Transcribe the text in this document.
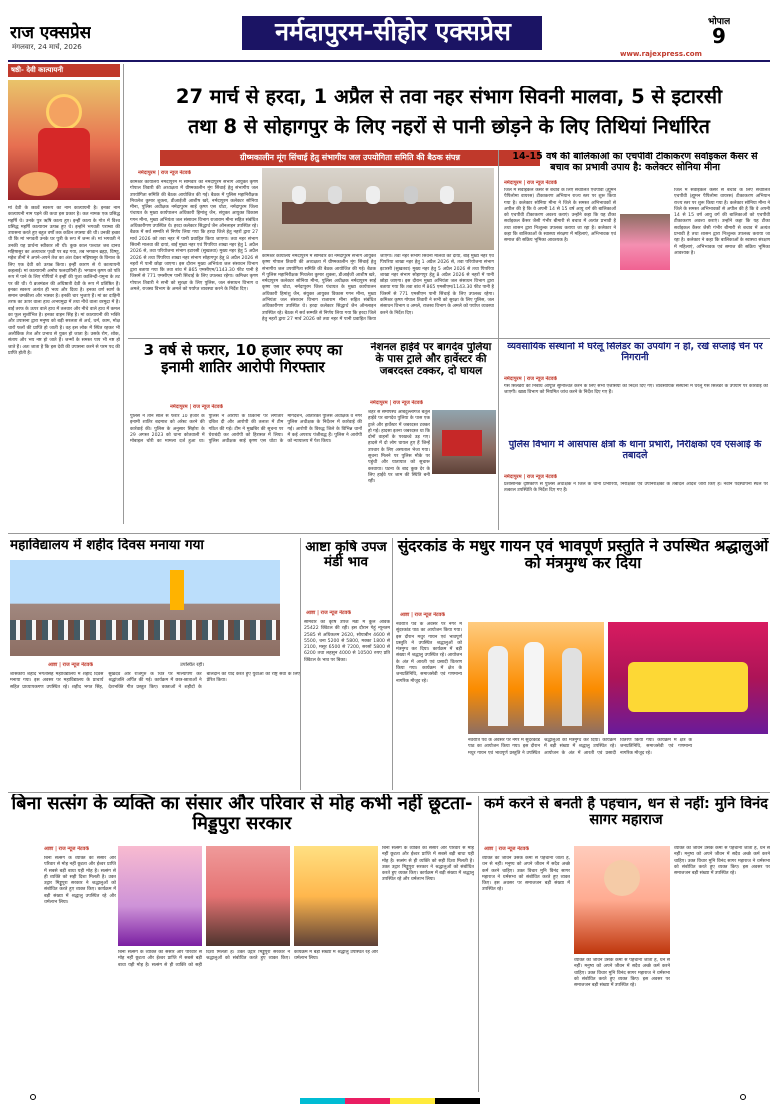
राज एक्सप्रेस
मंगलवार, 24 मार्च, 2026
नर्मदापुरम-सीहोर एक्सप्रेस	भोपाल
9
www.rajexpress.com
षष्ठी- देवी कात्यायनी
मां देवी के छठवें स्वरूप का नाम कात्यायनी है। इनका नाम कात्यायनी नाम पड़ने की कथा इस प्रकार है। कत नामक एक प्रसिद्ध महर्षि थे। उनके पुत्र ऋषि कात्य हुए। इन्हीं कात्य के गोत्र में विश्व प्रसिद्ध महर्षि कात्यायन उत्पन्न हुए थे। इन्होंने भगवती पराम्बा की उपासना करते हुए बहुत वर्षों तक कठिन तपस्या की थी। उनकी इच्छा थी कि मां भगवती उनके घर पुत्री के रूप में जन्म लें। मां भगवती ने उनकी यह प्रार्थना स्वीकार ली थी। कुछ काल पश्चात जब दानव महिषासुर का अत्याचार पृथ्वी पर बढ़ गया, तब भगवान ब्रह्मा, विष्णु, महेश तीनों ने अपने-अपने तेज का अंश देकर महिषासुर के विनाश के लिए एक देवी को उत्पन्न किया। इन्हीं कारण से ये कात्यायनी कहलाईं। मां कात्यायनी अमोघ फलदायिनी हैं। भगवान कृष्ण को पति रूप में पाने के लिए गोपियों ने इन्हीं की पूजा कालिन्दी-यमुना के तट पर की थी। ये ब्रजमंडल की अधिष्ठात्री देवी के रूप में प्रतिष्ठित हैं। इनका स्वरूप अत्यंत ही भव्य और दिव्य है। इनका वर्ण स्वर्ण के समान चमकीला और भास्वर है। इनकी चार भुजाएं हैं। मां का दाहिनी तरफ का ऊपर वाला हाथ अभयमुद्रा में तथा नीचे वाला वरमुद्रा में है। बाईं तरफ के ऊपर वाले हाथ में तलवार और नीचे वाले हाथ में कमल का फूल सुशोभित है। इनका वाहन सिंह है। मां कात्यायनी की भक्ति और उपासना द्वारा मनुष्य को बड़ी सरलता से अर्थ, धर्म, काम, मोक्ष चारों फलों की प्राप्ति हो जाती है। वह इस लोक में स्थित रहकर भी अलौकिक तेज और प्रभाव से युक्त हो जाता है। उसके रोग, शोक, संताप और भय नष्ट हो जाते हैं। जन्मों के समस्त पाप भी नष्ट हो जाते हैं। अतः जाता है कि इस देवी की उपासना करने से परम पद की प्राप्ति होती है।
27 मार्च से हरदा, 1 अप्रैल से तवा नहर संभाग सिवनी मालवा, 5 से इटारसी
तथा 8 से सोहागपुर के लिए नहरों से पानी छोड़ने के लिए तिथियां निर्धारित
ग्रीष्मकालीन मूंग सिंचाई हेतु संभागीय जल उपयोगिता समिति की बैठक संपन्न
नर्मदापुरम | राज न्यूज नेटवर्क
कमिश्नर कार्यालय नर्मदापुरम में सोमवार को नर्मदापुरम संभाग आयुक्त कृष्ण गोपाल तिवारी की अध्यक्षता में ग्रीष्मकालीन मूंग सिंचाई हेतु संभागीय जल उपयोगिता समिति की बैठक आयोजित की गई। बैठक में पुलिस महानिरीक्षक मिथलेश कुमार शुक्ला, डीआईजी आशीष खरे, नर्मदापुरम कलेक्टर सोनिया मीना, पुलिस अधीक्षक नर्मदापुरम साई कृष्ण एस थोटा, नर्मदापुरम जिला पंचायत के मुख्य कार्यपालन अधिकारी हिमांशु जैन, संयुक्त आयुक्त विकास गगन मीना, मुख्य अभियंता जल संसाधन विभाग राजाराम मीना सहित संबंधित अधिकारीगण उपस्थित थे। हरदा कलेक्टर सिद्धार्थ जैन ऑनलाइन उपस्थित रहे। बैठक में सर्व सम्मति से निर्णय लिया गया कि हरदा जिले हेतु नहरों द्वारा 27 मार्च 2026 को तवा नहर में पानी प्रवाहित किया जाएगा। तवा नहर संभाग सिवनी मालवा की दायां, बाईं मुख्य नहर एवं पिपरिया शाखा नहर हेतु 1 अप्रैल 2026 से, तवा परियोजना संभाग इटारसी (सुखतवा) मुख्य नहर हेतु 5 अप्रैल 2026 से तथा पिपरिया शाखा नहर संभाग सोहागपुर हेतु 8 अप्रैल 2026 से नहरों में पानी छोड़ा जाएगा। इस दौरान मुख्य अभियंता जल संसाधन विभाग द्वारा बताया गया कि तवा बांध में 865 एमसीएम/1143.30 फीट पानी है जिसमें से 771 एमसीएम पानी सिंचाई के लिए उपलब्ध रहेगा। कमिश्नर कृष्ण गोपाल तिवारी ने सभी को सुरक्षा के लिए पुलिस, जल संसाधन विभाग व अमले, राजस्व विभाग के अमले को पर्याप्त व्यवस्था करने के निर्देश दिए।
कमिश्नर कार्यालय नर्मदापुरम में सोमवार को नर्मदापुरम संभाग आयुक्त कृष्ण गोपाल तिवारी की अध्यक्षता में ग्रीष्मकालीन मूंग सिंचाई हेतु संभागीय जल उपयोगिता समिति की बैठक आयोजित की गई। बैठक में पुलिस महानिरीक्षक मिथलेश कुमार शुक्ला, डीआईजी आशीष खरे, नर्मदापुरम कलेक्टर सोनिया मीना, पुलिस अधीक्षक नर्मदापुरम साई कृष्ण एस थोटा, नर्मदापुरम जिला पंचायत के मुख्य कार्यपालन अधिकारी हिमांशु जैन, संयुक्त आयुक्त विकास गगन मीना, मुख्य अभियंता जल संसाधन विभाग राजाराम मीना सहित संबंधित अधिकारीगण उपस्थित थे। हरदा कलेक्टर सिद्धार्थ जैन ऑनलाइन उपस्थित रहे। बैठक में सर्व सम्मति से निर्णय लिया गया कि हरदा जिले हेतु नहरों द्वारा 27 मार्च 2026 को तवा नहर में पानी प्रवाहित किया जाएगा। तवा नहर संभाग सिवनी मालवा की दायां, बाईं मुख्य नहर एवं पिपरिया शाखा नहर हेतु 1 अप्रैल 2026 से, तवा परियोजना संभाग इटारसी (सुखतवा) मुख्य नहर हेतु 5 अप्रैल 2026 से तथा पिपरिया शाखा नहर संभाग सोहागपुर हेतु 8 अप्रैल 2026 से नहरों में पानी छोड़ा जाएगा। इस दौरान मुख्य अभियंता जल संसाधन विभाग द्वारा बताया गया कि तवा बांध में 865 एमसीएम/1143.30 फीट पानी है जिसमें से 771 एमसीएम पानी सिंचाई के लिए उपलब्ध रहेगा। कमिश्नर कृष्ण गोपाल तिवारी ने सभी को सुरक्षा के लिए पुलिस, जल संसाधन विभाग व अमले, राजस्व विभाग के अमले को पर्याप्त व्यवस्था करने के निर्देश दिए।
14-15 वर्ष की बालिकाओं का एचपीवी टीकाकरण सर्वाइकल कैंसर से बचाव का प्रभावी उपाय है: कलेक्टर सोनिया मीना
नर्मदापुरम | राज न्यूज नेटवर्क
जिले में सर्वाइकल कैंसर से बचाव के लिए संचालित एचपीवी (ह्यूमन पैपिलोमा वायरस) टीकाकरण अभियान राज्य स्तर पर शुरू किया गया है। कलेक्टर सोनिया मीना ने जिले के समस्त अभिभावकों से अपील की है कि वे अपनी 14 से 15 वर्ष आयु वर्ग की बालिकाओं को एचपीवी टीकाकरण अवश्य कराएं। उन्होंने कहा कि यह टीका सर्वाइकल कैंसर जैसी गंभीर बीमारी से बचाव में अत्यंत प्रभावी है तथा शासन द्वारा निःशुल्क उपलब्ध कराया जा रहा है। कलेक्टर ने कहा कि बालिकाओं के स्वास्थ्य संरक्षण में महिलाएं, अभिभावक एवं समाज की सक्रिय भूमिका आवश्यक है।
जिले में सर्वाइकल कैंसर से बचाव के लिए संचालित एचपीवी (ह्यूमन पैपिलोमा वायरस) टीकाकरण अभियान राज्य स्तर पर शुरू किया गया है। कलेक्टर सोनिया मीना ने जिले के समस्त अभिभावकों से अपील की है कि वे अपनी 14 से 15 वर्ष आयु वर्ग की बालिकाओं को एचपीवी टीकाकरण अवश्य कराएं। उन्होंने कहा कि यह टीका सर्वाइकल कैंसर जैसी गंभीर बीमारी से बचाव में अत्यंत प्रभावी है तथा शासन द्वारा निःशुल्क उपलब्ध कराया जा रहा है। कलेक्टर ने कहा कि बालिकाओं के स्वास्थ्य संरक्षण में महिलाएं, अभिभावक एवं समाज की सक्रिय भूमिका आवश्यक है।
3 वर्ष से फरार, 10 हजार रुपए का इनामी शातिर आरोपी गिरफ्तार
नर्मदापुरम | राज न्यूज नेटवर्क
पुलिस ने तीन साल से फरार 10 हजार के इनामी शातिर बदमाश को अरेस्ट करने की कार्रवाई की। पुलिस के अनुसार सिहोरा के 29 अगस्त 2023 को थाना कोतवाली में मोबाइल चोरी का मामला दर्ज हुआ था। पुलिस ने आरोपी के ठिकानों पर लगातार दबिश दी और आरोपी की तलाश में टीम गठित की गई। टीम ने मुखबिर की सूचना पर घेराबंदी कर आरोपी को हिरासत में लिया। पुलिस अधीक्षक साई कृष्ण एस थोटा के मार्गदर्शन, अतिरिक्त पुलिस अधीक्षक व नगर पुलिस अधीक्षक के निर्देशन में कार्रवाई की गई। आरोपी के विरुद्ध जिले के विभिन्न थानों में कई अपराध पंजीबद्ध हैं। पुलिस ने आरोपी को न्यायालय में पेश किया।
नेशनल हाईवे पर बागदेव पुलिया के पास ट्राले और हार्वेस्टर की जबरदस्त टक्कर, दो घायल
नर्मदापुरम | राज न्यूज नेटवर्क
शहर से समीपस्थ औबेदुल्लागंज बैतूल हाईवे पर बागदेव पुलिया के पास एक ट्राले और हार्वेस्टर में जबरदस्त टक्कर हो गई। हादसा इतना जबरदस्त था कि दोनों वाहनों के परखच्चे उड़ गए। हादसे में दो लोग घायल हुए हैं जिन्हें उपचार के लिए अस्पताल भेजा गया। सूचना मिलने पर पुलिस मौके पर पहुंची और यातायात को सुचारू करवाया। घटना के बाद कुछ देर के लिए हाईवे पर जाम की स्थिति बनी रही।
व्यवसायिक संस्थानों में घरेलू सिलेंडर का उपयोग न हो, रखें सप्लाई चेन पर निगरानी
नर्मदापुरम | राज न्यूज नेटवर्क
गैस सिलेंडरों की निर्बाध आपूर्ति सुनिश्चित करने के लिए सभी एजेंसियों को निर्देश दिए गए। व्यवसायिक संस्थानों में घरेलू गैस सिलेंडर के उपयोग पर कार्रवाई की जाएगी। खाद्य विभाग को नियमित जांच करने के निर्देश दिए गए हैं।
पुलिस विभाग में आसपास क्षेत्रों के थाना प्रभारी, निरीक्षकों एवं एसआई के तबादले
नर्मदापुरम | राज न्यूज नेटवर्क
प्रशासनिक दृष्टिकोण से पुलिस अधीक्षक ने जिले के थाना प्रभारियों, निरीक्षकों एवं उपनिरीक्षकों के तबादले आदेश जारी किए हैं। नवीन पदस्थापना स्थल पर तत्काल उपस्थिति के निर्देश दिए गए हैं।
महाविद्यालय में शहीद दिवस मनाया गया
आष्टा | राज न्यूज नेटवर्क	उपस्थित रही।
शासकीय शहीद भगतसिंह महाविद्यालय में शहीद दिवस मनाया गया। इस अवसर पर महाविद्यालय के प्राचार्य सहित प्राध्यापकगण उपस्थित रहे। शहीद भगत सिंह, सुखदेव और राजगुरु के चित्र पर माल्यार्पण कर श्रद्धांजलि अर्पित की गई। कार्यक्रम में छात्र-छात्राओं ने देशभक्ति गीत प्रस्तुत किए। वक्ताओं ने शहीदों के बलिदान को याद करते हुए युवाओं को राष्ट्र सेवा के लिए प्रेरित किया।
आष्टा कृषि उपज मंडी भाव
आष्टा | राज न्यूज नेटवर्क
सोमवार को कृषि उपज मंडी में कुल आवक 25422 क्विंटल की रही। इस दौरान गेहूं न्यूनतम 2585 से अधिकतम 2620, सोयाबीन 4600 से 5500, चना 5200 से 5800, मक्का 1800 से 2100, मसूर 6500 से 7200, सरसों 5800 से 6200 तथा लहसुन 4000 से 10500 रुपए प्रति क्विंटल के भाव पर बिका।
सुंदरकांड के मधुर गायन एवं भावपूर्ण प्रस्तुति ने उपस्थित श्रद्धालुओं को मंत्रमुग्ध कर दिया
आष्टा | राज न्यूज नेटवर्क
नवरात्रि पर्व के अवसर पर नगर में सुंदरकांड पाठ का आयोजन किया गया। इस दौरान मधुर गायन एवं भावपूर्ण प्रस्तुति ने उपस्थित श्रद्धालुओं को मंत्रमुग्ध कर दिया। कार्यक्रम में बड़ी संख्या में श्रद्धालु उपस्थित रहे। आयोजन के अंत में आरती एवं प्रसादी वितरण किया गया। कार्यक्रम में क्षेत्र के जनप्रतिनिधि, समाजसेवी एवं गणमान्य नागरिक मौजूद रहे।
नवरात्रि पर्व के अवसर पर नगर में सुंदरकांड पाठ का आयोजन किया गया। इस दौरान मधुर गायन एवं भावपूर्ण प्रस्तुति ने उपस्थित श्रद्धालुओं को मंत्रमुग्ध कर दिया। कार्यक्रम में बड़ी संख्या में श्रद्धालु उपस्थित रहे। आयोजन के अंत में आरती एवं प्रसादी वितरण किया गया। कार्यक्रम में क्षेत्र के जनप्रतिनिधि, समाजसेवी एवं गणमान्य नागरिक मौजूद रहे।
बिना सत्संग के व्यक्ति का संसार और परिवार से मोह कभी नहीं छूटता- मिड्डूपुरा सरकार
आष्टा | राज न्यूज नेटवर्क
बिना सत्संग के व्यक्ति का संसार और परिवार से मोह नहीं छूटता और ईश्वर प्राप्ति में सबसे बड़ी बाधा यही मोह है। सत्संग से ही व्यक्ति को सही दिशा मिलती है। उक्त उद्गार मिड्डूपुरा सरकार ने श्रद्धालुओं को संबोधित करते हुए व्यक्त किए। कार्यक्रम में बड़ी संख्या में श्रद्धालु उपस्थित रहे और धर्मलाभ लिया।
बिना सत्संग के व्यक्ति का संसार और परिवार से मोह नहीं छूटता और ईश्वर प्राप्ति में सबसे बड़ी बाधा यही मोह है। सत्संग से ही व्यक्ति को सही दिशा मिलती है। उक्त उद्गार मिड्डूपुरा सरकार ने श्रद्धालुओं को संबोधित करते हुए व्यक्त किए। कार्यक्रम में बड़ी संख्या में श्रद्धालु उपस्थित रहे और धर्मलाभ लिया।
बिना सत्संग के व्यक्ति का संसार और परिवार से मोह नहीं छूटता और ईश्वर प्राप्ति में सबसे बड़ी बाधा यही मोह है। सत्संग से ही व्यक्ति को सही दिशा मिलती है। उक्त उद्गार मिड्डूपुरा सरकार ने श्रद्धालुओं को संबोधित करते हुए व्यक्त किए। कार्यक्रम में बड़ी संख्या में श्रद्धालु उपस्थित रहे और धर्मलाभ लिया।
कर्म करने से बनती है पहचान, धन से नहीं: मुनि विनंद सागर महाराज
आष्टा | राज न्यूज नेटवर्क
व्यक्ति का जीवन उसके कर्मों से पहचाना जाता है, धन से नहीं। मनुष्य को अपने जीवन में सदैव अच्छे कर्म करने चाहिए। उक्त विचार मुनि विनंद सागर महाराज ने धर्मसभा को संबोधित करते हुए व्यक्त किए। इस अवसर पर समाजजन बड़ी संख्या में उपस्थित रहे।
व्यक्ति का जीवन उसके कर्मों से पहचाना जाता है, धन से नहीं। मनुष्य को अपने जीवन में सदैव अच्छे कर्म करने चाहिए। उक्त विचार मुनि विनंद सागर महाराज ने धर्मसभा को संबोधित करते हुए व्यक्त किए। इस अवसर पर समाजजन बड़ी संख्या में उपस्थित रहे।
व्यक्ति का जीवन उसके कर्मों से पहचाना जाता है, धन से नहीं। मनुष्य को अपने जीवन में सदैव अच्छे कर्म करने चाहिए। उक्त विचार मुनि विनंद सागर महाराज ने धर्मसभा को संबोधित करते हुए व्यक्त किए। इस अवसर पर समाजजन बड़ी संख्या में उपस्थित रहे।
